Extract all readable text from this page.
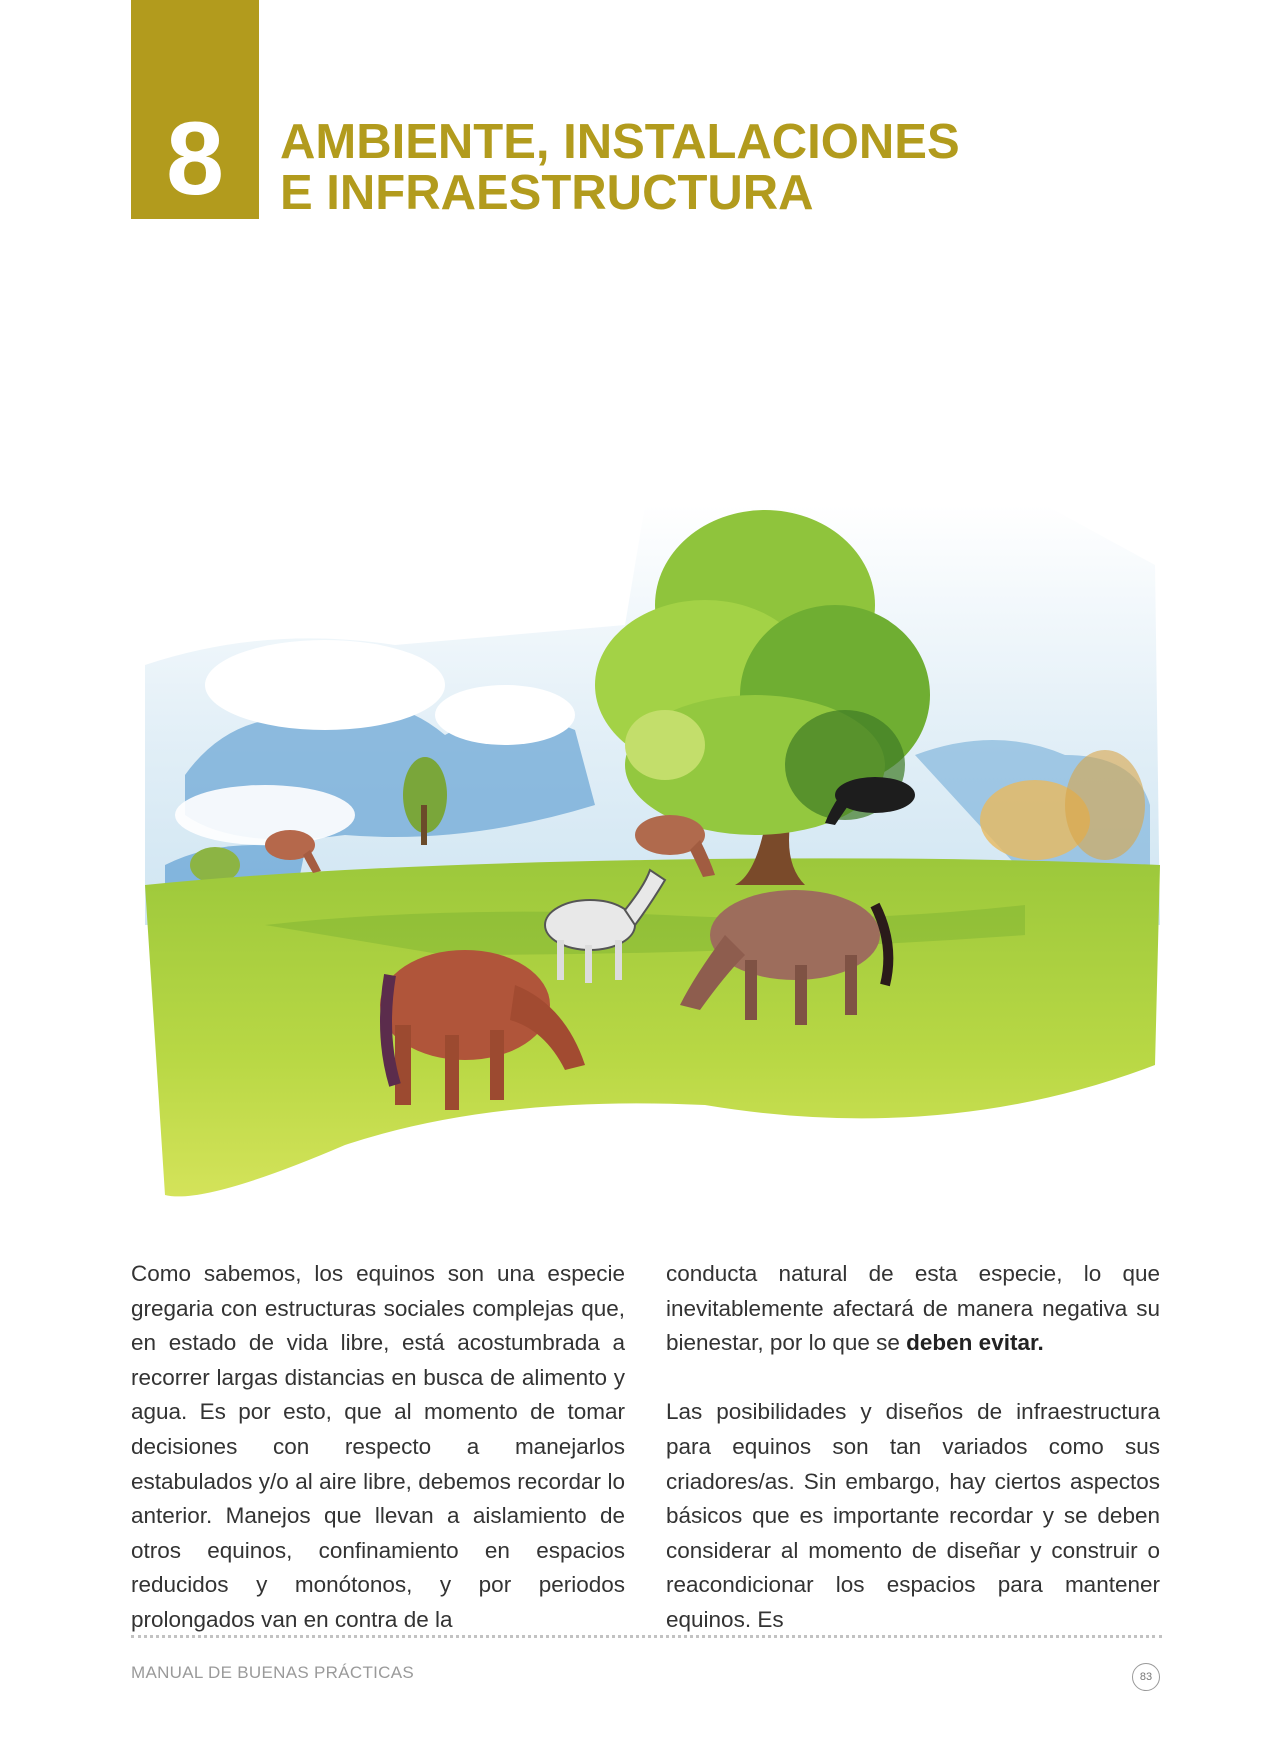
8	AMBIENTE, INSTALACIONES
E INFRAESTRUCTURA

Como sabemos, los equinos son una especie gregaria con estructuras sociales complejas que, en estado de vida libre, está acostumbrada a recorrer largas distancias en busca de alimento y agua. Es por esto, que al momento de tomar decisiones con respecto a manejarlos estabulados y/o al aire libre, debemos recordar lo anterior. Manejos que llevan a aislamiento de otros equinos, confinamiento en espacios reducidos y monótonos, y por periodos prolongados van en contra de la

conducta natural de esta especie, lo que inevitablemente afectará de manera negativa su bienestar, por lo que se deben evitar.

Las posibilidades y diseños de infraestructura para equinos son tan variados como sus criadores/as. Sin embargo, hay ciertos aspectos básicos que es importante recordar y se deben considerar al momento de diseñar y construir o reacondicionar los espacios para mantener equinos. Es

MANUAL DE BUENAS PRÁCTICAS	83
